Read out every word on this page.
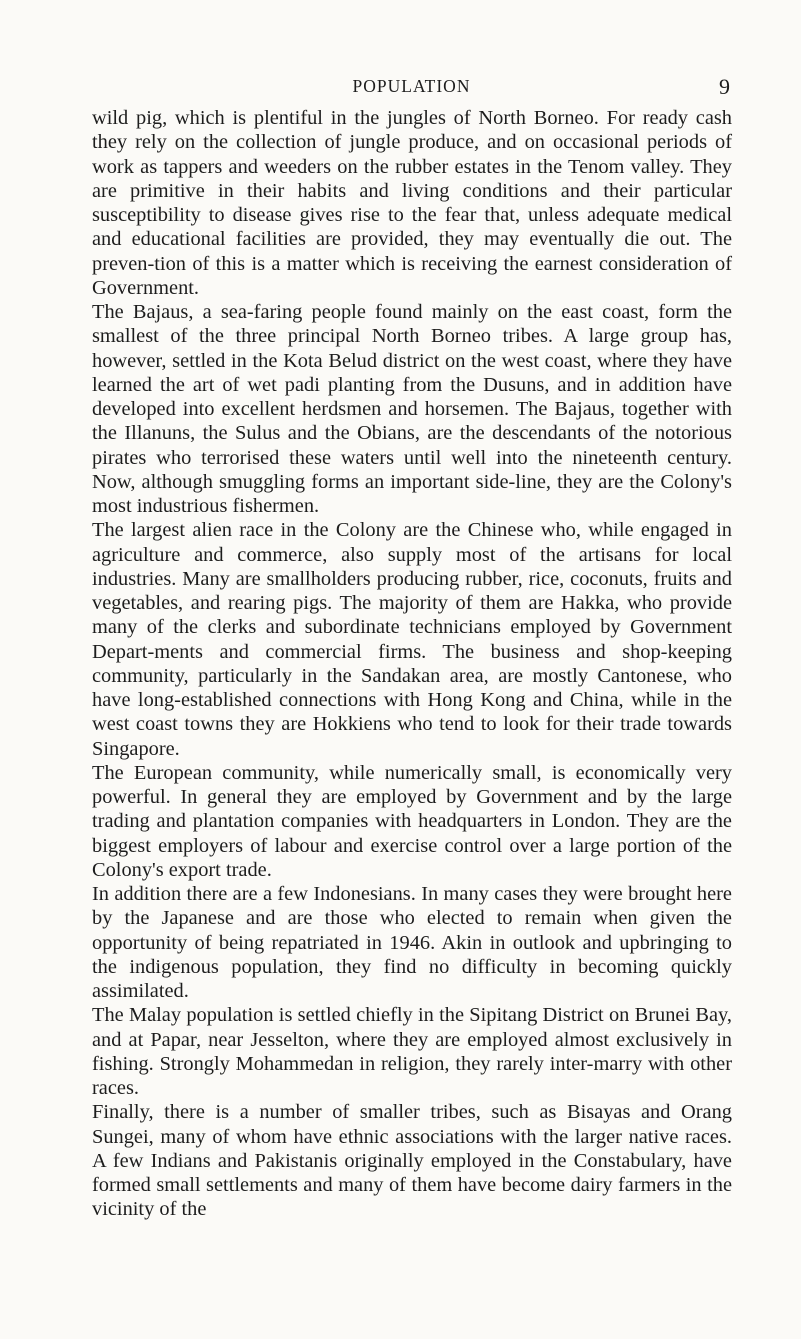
POPULATION	9

wild pig, which is plentiful in the jungles of North Borneo. For ready cash they rely on the collection of jungle produce, and on occasional periods of work as tappers and weeders on the rubber estates in the Tenom valley. They are primitive in their habits and living conditions and their particular susceptibility to disease gives rise to the fear that, unless adequate medical and educational facilities are provided, they may eventually die out. The preven-tion of this is a matter which is receiving the earnest consideration of Government.

The Bajaus, a sea-faring people found mainly on the east coast, form the smallest of the three principal North Borneo tribes. A large group has, however, settled in the Kota Belud district on the west coast, where they have learned the art of wet padi planting from the Dusuns, and in addition have developed into excellent herdsmen and horsemen. The Bajaus, together with the Illanuns, the Sulus and the Obians, are the descendants of the notorious pirates who terrorised these waters until well into the nineteenth century. Now, although smuggling forms an important side-line, they are the Colony's most industrious fishermen.

The largest alien race in the Colony are the Chinese who, while engaged in agriculture and commerce, also supply most of the artisans for local industries. Many are smallholders producing rubber, rice, coconuts, fruits and vegetables, and rearing pigs. The majority of them are Hakka, who provide many of the clerks and subordinate technicians employed by Government Depart-ments and commercial firms. The business and shop-keeping community, particularly in the Sandakan area, are mostly Cantonese, who have long-established connections with Hong Kong and China, while in the west coast towns they are Hokkiens who tend to look for their trade towards Singapore.

The European community, while numerically small, is economically very powerful. In general they are employed by Government and by the large trading and plantation companies with headquarters in London. They are the biggest employers of labour and exercise control over a large portion of the Colony's export trade.

In addition there are a few Indonesians. In many cases they were brought here by the Japanese and are those who elected to remain when given the opportunity of being repatriated in 1946. Akin in outlook and upbringing to the indigenous population, they find no difficulty in becoming quickly assimilated.

The Malay population is settled chiefly in the Sipitang District on Brunei Bay, and at Papar, near Jesselton, where they are employed almost exclusively in fishing. Strongly Mohammedan in religion, they rarely inter-marry with other races.

Finally, there is a number of smaller tribes, such as Bisayas and Orang Sungei, many of whom have ethnic associations with the larger native races. A few Indians and Pakistanis originally employed in the Constabulary, have formed small settlements and many of them have become dairy farmers in the vicinity of the
